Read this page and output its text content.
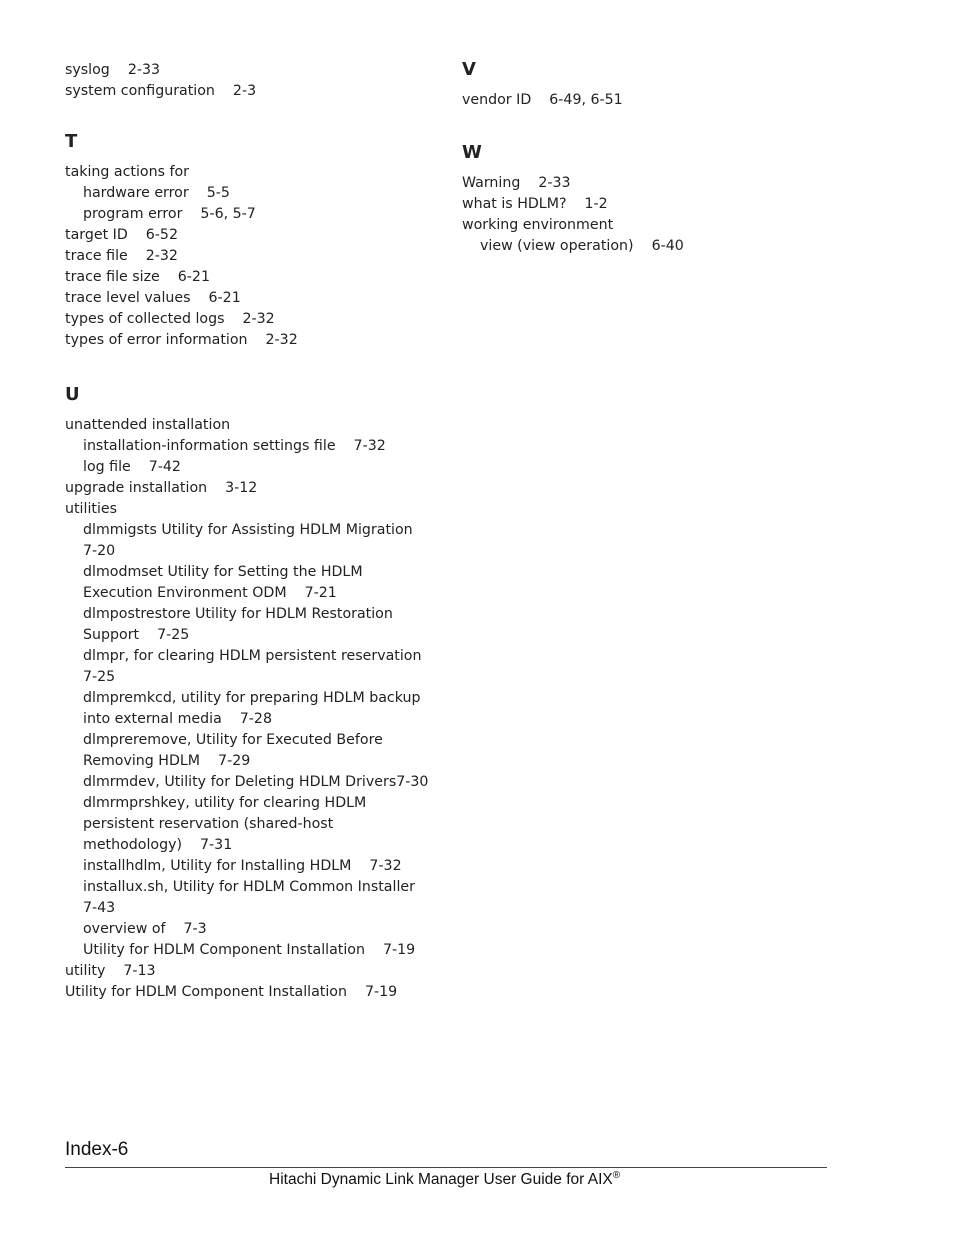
syslog 2-33
system configuration 2-3
T
taking actions for
hardware error 5-5
program error 5-6, 5-7
target ID 6-52
trace file 2-32
trace file size 6-21
trace level values 6-21
types of collected logs 2-32
types of error information 2-32
U
unattended installation
installation-information settings file 7-32
log file 7-42
upgrade installation 3-12
utilities
dlmmigsts Utility for Assisting HDLM Migration
7-20
dlmodmset Utility for Setting the HDLM
Execution Environment ODM 7-21
dlmpostrestore Utility for HDLM Restoration
Support 7-25
dlmpr, for clearing HDLM persistent reservation
7-25
dlmpremkcd, utility for preparing HDLM backup
into external media 7-28
dlmpreremove, Utility for Executed Before
Removing HDLM 7-29
dlmrmdev, Utility for Deleting HDLM Drivers7-30
dlmrmprshkey, utility for clearing HDLM
persistent reservation (shared-host
methodology) 7-31
installhdlm, Utility for Installing HDLM 7-32
installux.sh, Utility for HDLM Common Installer
7-43
overview of 7-3
Utility for HDLM Component Installation 7-19
utility 7-13
Utility for HDLM Component Installation 7-19
V
vendor ID 6-49, 6-51
W
Warning 2-33
what is HDLM? 1-2
working environment
view (view operation) 6-40
Index-6
Hitachi Dynamic Link Manager User Guide for AIX®
